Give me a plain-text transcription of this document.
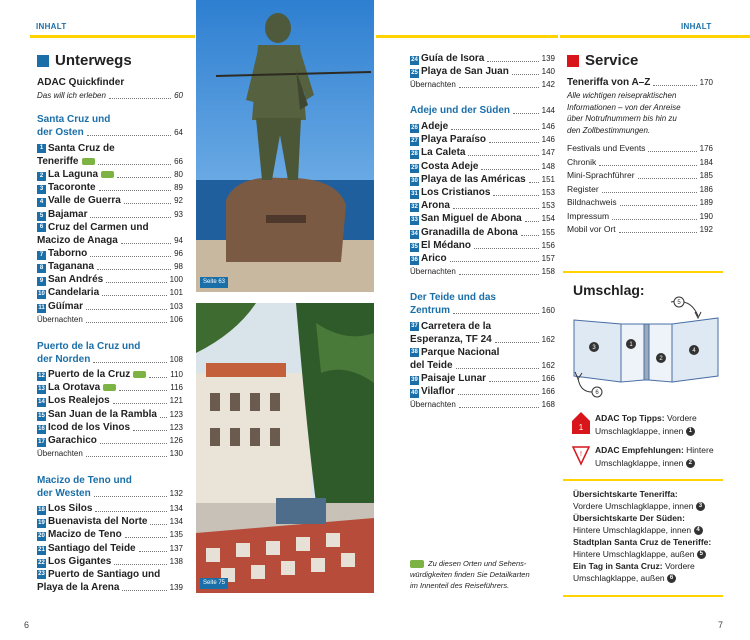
INHALT	INHALT
Unterwegs
ADAC Quickfinder
Das will ich erleben	60
Santa Cruz und
der Osten	64
1 Santa Cruz de
Teneriffe	66
2 La Laguna	80
3 Tacoronte	89
4 Valle de Guerra	92
5 Bajamar	93
6 Cruz del Carmen und
Macizo de Anaga	94
7 Taborno	96
8 Taganana	98
9 San Andrés	100
10 Candelaria	101
11 Güímar	103
Übernachten	106
Puerto de la Cruz und
der Norden	108
12 Puerto de la Cruz	110
13 La Orotava	116
14 Los Realejos	121
15 San Juan de la Rambla 123
16 Icod de los Vinos	123
17 Garachico	126
Übernachten	130
Macizo de Teno und
der Westen	132
18 Los Silos	134
19 Buenavista del Norte	134
20 Macizo de Teno	135
21 Santiago del Teide	137
22 Los Gigantes	138
23 Puerto de Santiago und
Playa de la Arena	139
Seite 63
Seite 75
24 Guía de Isora	139
25 Playa de San Juan	140
Übernachten	142
Adeje und der Süden	144
26 Adeje	146
27 Playa Paraíso	146
28 La Caleta	147
29 Costa Adeje	148
30 Playa de las Américas 151
31 Los Cristianos	153
32 Arona	153
33 San Miguel de Abona 154
34 Granadilla de Abona	155
35 El Médano	156
36 Arico	157
Übernachten	158
Der Teide und das
Zentrum	160
37 Carretera de la
Esperanza, TF 24	162
38 Parque Nacional
del Teide	162
39 Paisaje Lunar	166
40 Vilaflor	166
Übernachten	168
Zu diesen Orten und Sehens-
würdigkeiten finden Sie Detailkarten
im Innenteil des Reiseführers.
Service
Teneriffa von A–Z	170
Alle wichtigen reisepraktischen
Informationen – von der Anreise
über Notrufnummern bis hin zu
den Zollbestimmungen.
Festivals und Events	176
Chronik	184
Mini-Sprachführer	185
Register	186
Bildnachweis	189
Impressum	190
Mobil vor Ort	192
Umschlag:
3	1
2
4
5
6
1
ADAC Top Tipps: Vordere
Umschlagklappe, innen 1
! ADAC Empfehlungen: Hintere
Umschlagklappe, innen 2
Übersichtskarte Teneriffa:
Vordere Umschlagklappe, innen 3
Übersichtskarte Der Süden:
Hintere Umschlagklappe, innen 4
Stadtplan Santa Cruz de Teneriffe:
Hintere Umschlagklappe, außen 5
Ein Tag in Santa Cruz: Vordere
Umschlagklappe, außen 6
6	7
